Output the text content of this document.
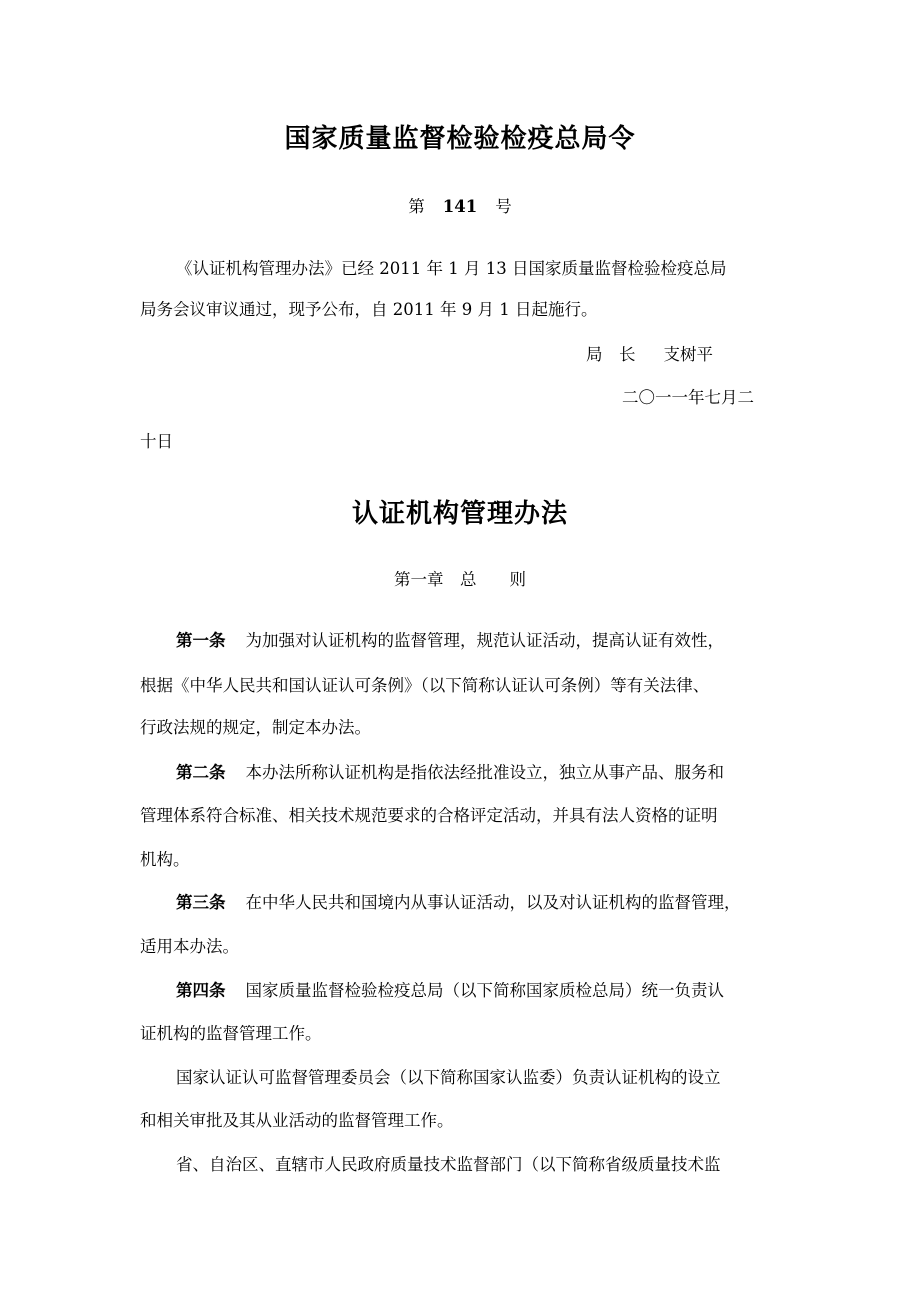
国家质量监督检验检疫总局令
第 141 号
《认证机构管理办法》已经 2011 年 1 月 13 日国家质量监督检验检疫总局
局务会议审议通过，现予公布，自 2011 年 9 月 1 日起施行。
局　长 支树平
二〇一一年七月二
十日
认证机构管理办法
第一章　总　　则
第一条 为加强对认证机构的监督管理，规范认证活动，提高认证有效性，
根据《中华人民共和国认证认可条例》（以下简称认证认可条例）等有关法律、
行政法规的规定，制定本办法。
第二条 本办法所称认证机构是指依法经批准设立，独立从事产品、服务和
管理体系符合标准、相关技术规范要求的合格评定活动，并具有法人资格的证明
机构。
第三条 在中华人民共和国境内从事认证活动，以及对认证机构的监督管理，
适用本办法。
第四条 国家质量监督检验检疫总局（以下简称国家质检总局）统一负责认
证机构的监督管理工作。
国家认证认可监督管理委员会（以下简称国家认监委）负责认证机构的设立
和相关审批及其从业活动的监督管理工作。
省、自治区、直辖市人民政府质量技术监督部门（以下简称省级质量技术监
